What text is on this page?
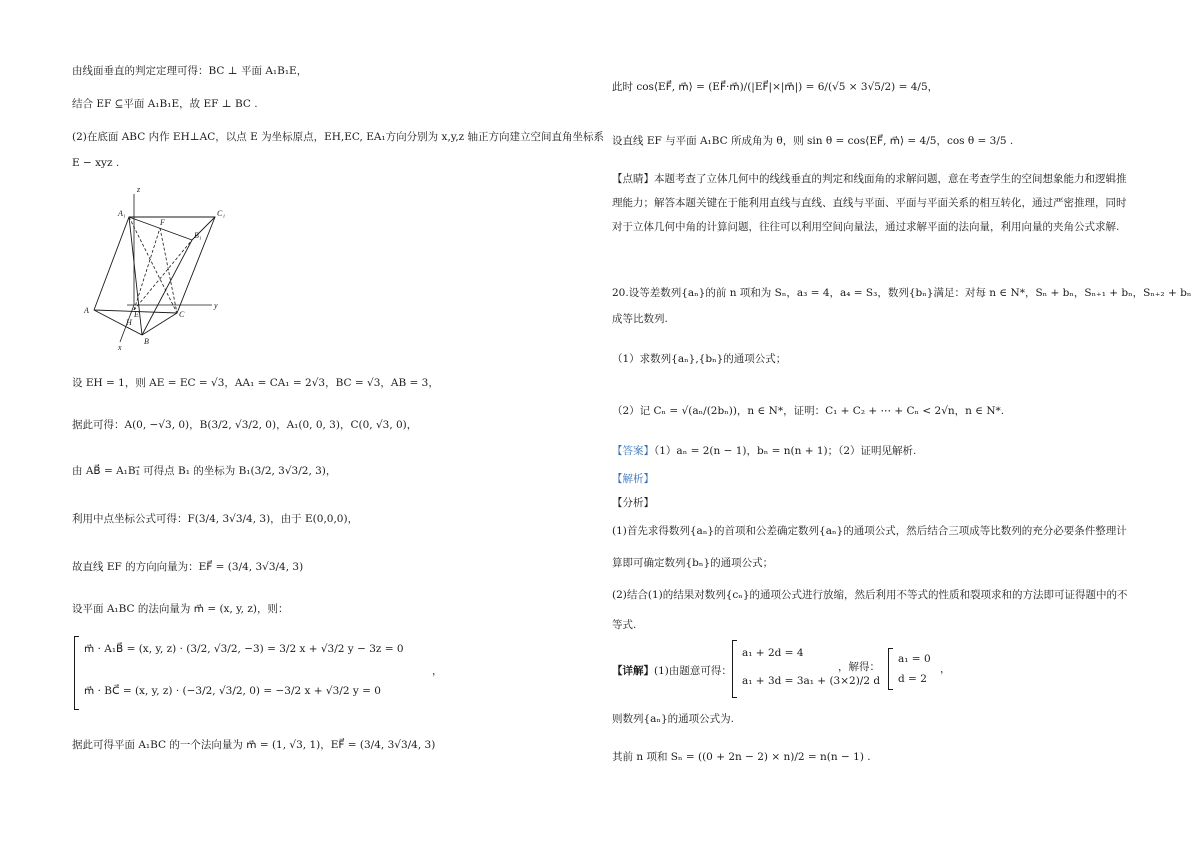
由线面垂直的判定定理可得：BC ⊥ 平面 A₁B₁E，
结合 EF ⊆平面 A₁B₁E，故 EF ⊥ BC .
(2)在底面 ABC 内作 EH⊥AC，以点 E 为坐标原点，EH,EC, EA₁方向分别为 x,y,z 轴正方向建立空间直角坐标系
E − xyz .
z
A₁
F
C₁
B₁
A	E
H
C
y
B
x
设 EH = 1，则 AE = EC = √3，AA₁ = CA₁ = 2√3，BC = √3，AB = 3，
据此可得：A(0, −√3, 0)，B(3/2, √3/2, 0)，A₁(0, 0, 3)，C(0, √3, 0)，
由 AB⃗ = A₁B₁⃗ 可得点 B₁ 的坐标为 B₁(3/2, 3√3/2, 3)，
利用中点坐标公式可得：F(3/4, 3√3/4, 3)，由于 E(0,0,0)，
故直线 EF 的方向向量为：EF⃗ = (3/4, 3√3/4, 3)
设平面 A₁BC 的法向量为 m⃗ = (x, y, z)，则：
m⃗ · A₁B⃗ = (x, y, z) · (3/2, √3/2, −3) = 3/2 x + √3/2 y − 3z = 0
m⃗ · BC⃗ = (x, y, z) · (−3/2, √3/2, 0) = −3/2 x + √3/2 y = 0
，
据此可得平面 A₁BC 的一个法向量为 m⃗ = (1, √3, 1)，EF⃗ = (3/4, 3√3/4, 3)
此时 cos⟨EF⃗, m⃗⟩ = (EF⃗·m⃗)/(|EF⃗|×|m⃗|) = 6/(√5 × 3√5/2) = 4/5，
设直线 EF 与平面 A₁BC 所成角为 θ，则 sin θ = cos⟨EF⃗, m⃗⟩ = 4/5，cos θ = 3/5 .
【点睛】本题考查了立体几何中的线线垂直的判定和线面角的求解问题，意在考查学生的空间想象能力和逻辑推
理能力；解答本题关键在于能利用直线与直线、直线与平面、平面与平面关系的相互转化，通过严密推理，同时
对于立体几何中角的计算问题，往往可以利用空间向量法，通过求解平面的法向量，利用向量的夹角公式求解.
20.设等差数列{aₙ}的前 n 项和为 Sₙ，a₃ = 4，a₄ = S₃，数列{bₙ}满足：对每 n ∈ N*，Sₙ + bₙ，Sₙ₊₁ + bₙ，Sₙ₊₂ + bₙ
成等比数列.
（1）求数列{aₙ},{bₙ}的通项公式；
（2）记 Cₙ = √(aₙ/(2bₙ))，n ∈ N*，证明：C₁ + C₂ + ⋯ + Cₙ < 2√n，n ∈ N*.
【答案】（1）aₙ = 2(n − 1)，bₙ = n(n + 1)；（2）证明见解析.
【解析】
【分析】
(1)首先求得数列{aₙ}的首项和公差确定数列{aₙ}的通项公式，然后结合三项成等比数列的充分必要条件整理计
算即可确定数列{bₙ}的通项公式；
(2)结合(1)的结果对数列{cₙ}的通项公式进行放缩，然后利用不等式的性质和裂项求和的方法即可证得题中的不
等式.
【详解】(1)由题意可得：
a₁ + 2d = 4
a₁ + 3d = 3a₁ + (3×2)/2 d
，解得：
a₁ = 0
d = 2
，
则数列{aₙ}的通项公式为.
其前 n 项和 Sₙ = ((0 + 2n − 2) × n)/2 = n(n − 1) .
